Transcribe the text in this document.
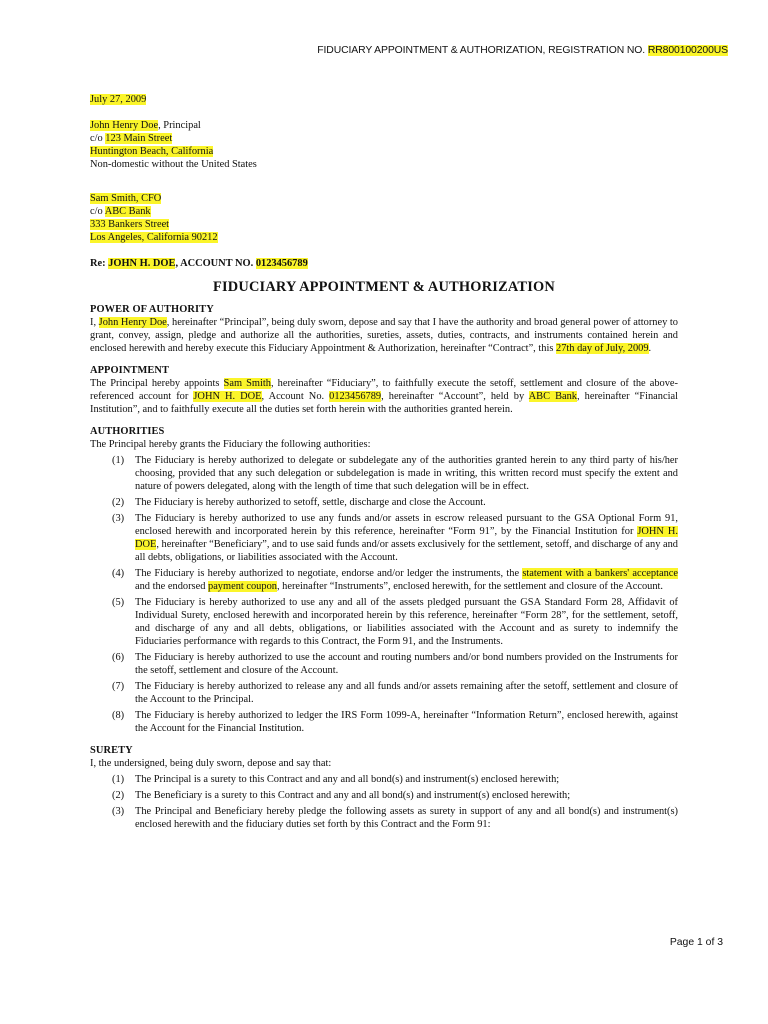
FIDUCIARY APPOINTMENT & AUTHORIZATION, REGISTRATION NO. RR800100200US
July 27, 2009
John Henry Doe, Principal
c/o 123 Main Street
Huntington Beach, California
Non-domestic without the United States
Sam Smith, CFO
c/o ABC Bank
333 Bankers Street
Los Angeles, California 90212
Re: JOHN H. DOE, ACCOUNT NO. 0123456789
FIDUCIARY APPOINTMENT & AUTHORIZATION
POWER OF AUTHORITY

I, John Henry Doe, hereinafter “Principal”, being duly sworn, depose and say that I have the authority and broad general power of attorney to grant, convey, assign, pledge and authorize all the authorities, sureties, assets, duties, contracts, and instruments contained herein and enclosed herewith and hereby execute this Fiduciary Appointment & Authorization, hereinafter “Contract”, this 27th day of July, 2009.

APPOINTMENT

The Principal hereby appoints Sam Smith, hereinafter “Fiduciary”, to faithfully execute the setoff, settlement and closure of the above-referenced account for JOHN H. DOE, Account No. 0123456789, hereinafter “Account”, held by ABC Bank, hereinafter “Financial Institution”, and to faithfully execute all the duties set forth herein with the authorities granted herein.

AUTHORITIES

The Principal hereby grants the Fiduciary the following authorities:

(1) The Fiduciary is hereby authorized to delegate or subdelegate any of the authorities granted herein to any third party of his/her choosing, provided that any such delegation or subdelegation is made in writing, this written record must specify the extent and nature of powers delegated, along with the length of time that such delegation will be in effect.
(2) The Fiduciary is hereby authorized to setoff, settle, discharge and close the Account.
(3) The Fiduciary is hereby authorized to use any funds and/or assets in escrow released pursuant to the GSA Optional Form 91, enclosed herewith and incorporated herein by this reference, hereinafter “Form 91”, by the Financial Institution for JOHN H. DOE, hereinafter “Beneficiary”, and to use said funds and/or assets exclusively for the settlement, setoff, and discharge of any and all debts, obligations, or liabilities associated with the Account.
(4) The Fiduciary is hereby authorized to negotiate, endorse and/or ledger the instruments, the statement with a bankers' acceptance and the endorsed payment coupon, hereinafter “Instruments”, enclosed herewith, for the settlement and closure of the Account.
(5) The Fiduciary is hereby authorized to use any and all of the assets pledged pursuant the GSA Standard Form 28, Affidavit of Individual Surety, enclosed herewith and incorporated herein by this reference, hereinafter “Form 28”, for the settlement, setoff, and discharge of any and all debts, obligations, or liabilities associated with the Account and as surety to indemnify the Fiduciaries performance with regards to this Contract, the Form 91, and the Instruments.
(6) The Fiduciary is hereby authorized to use the account and routing numbers and/or bond numbers provided on the Instruments for the setoff, settlement and closure of the Account.
(7) The Fiduciary is hereby authorized to release any and all funds and/or assets remaining after the setoff, settlement and closure of the Account to the Principal.
(8) The Fiduciary is hereby authorized to ledger the IRS Form 1099-A, hereinafter “Information Return”, enclosed herewith, against the Account for the Financial Institution.
SURETY

I, the undersigned, being duly sworn, depose and say that:

(1) The Principal is a surety to this Contract and any and all bond(s) and instrument(s) enclosed herewith;
(2) The Beneficiary is a surety to this Contract and any and all bond(s) and instrument(s) enclosed herewith;
(3) The Principal and Beneficiary hereby pledge the following assets as surety in support of any and all bond(s) and instrument(s) enclosed herewith and the fiduciary duties set forth by this Contract and the Form 91:
Page 1 of 3
